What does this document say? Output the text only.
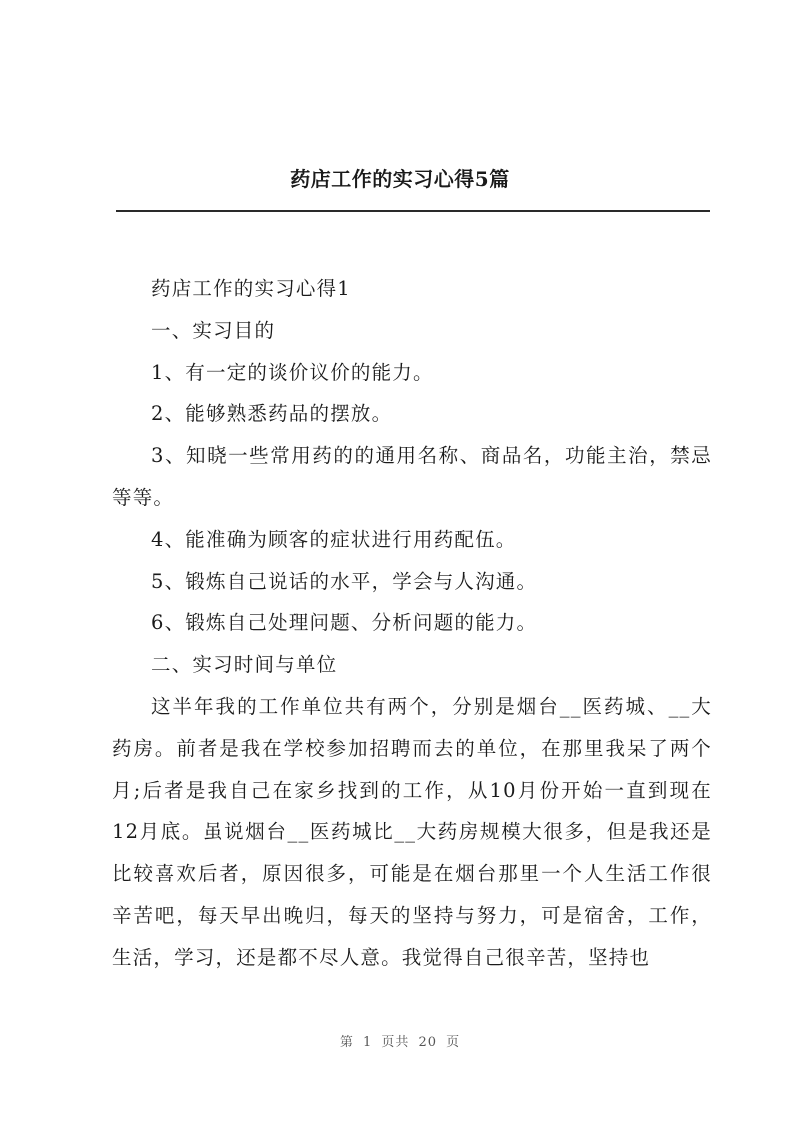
药店工作的实习心得5篇

药店工作的实习心得1

一、实习目的

1、有一定的谈价议价的能力。

2、能够熟悉药品的摆放。

3、知晓一些常用药的的通用名称、商品名，功能主治，禁忌等等。

4、能准确为顾客的症状进行用药配伍。

5、锻炼自己说话的水平，学会与人沟通。

6、锻炼自己处理问题、分析问题的能力。

二、实习时间与单位

这半年我的工作单位共有两个，分别是烟台__医药城、__大药房。前者是我在学校参加招聘而去的单位，在那里我呆了两个月;后者是我自己在家乡找到的工作，从10月份开始一直到现在12月底。虽说烟台__医药城比__大药房规模大很多，但是我还是比较喜欢后者，原因很多，可能是在烟台那里一个人生活工作很辛苦吧，每天早出晚归，每天的坚持与努力，可是宿舍，工作，生活，学习，还是都不尽人意。我觉得自己很辛苦，坚持也

第 1 页共 20 页
